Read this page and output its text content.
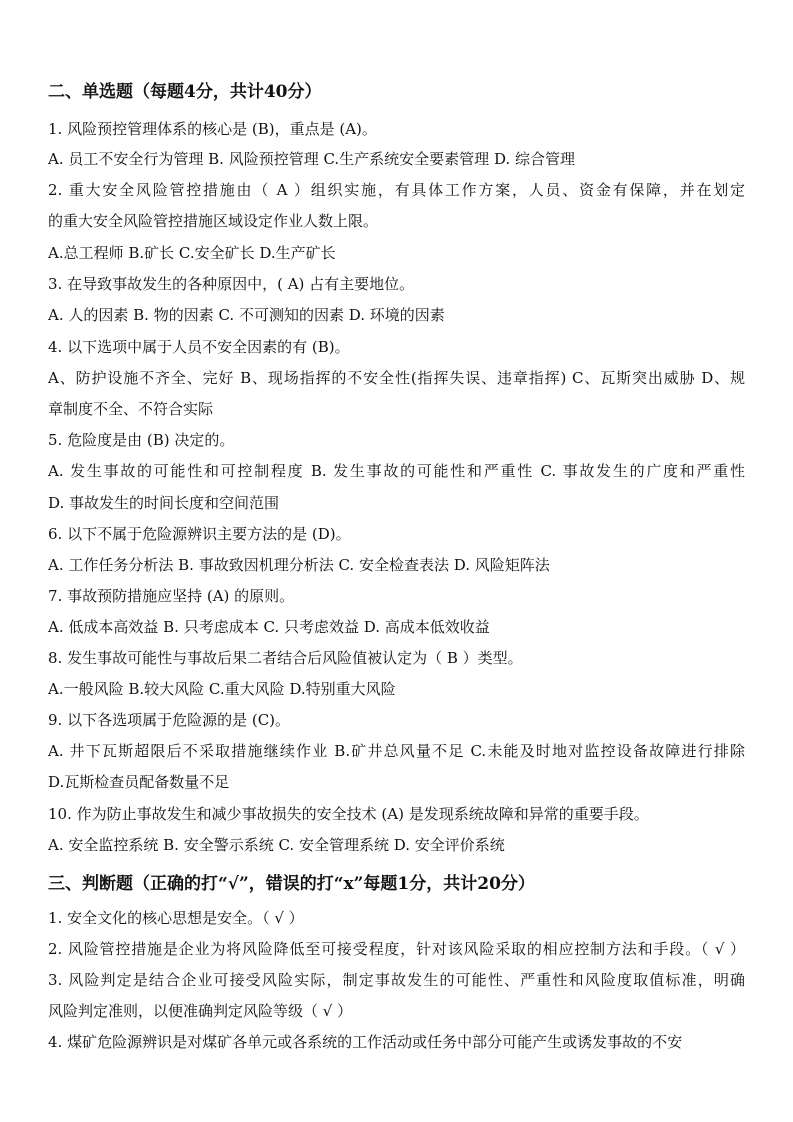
二、单选题（每题4分，共计40分）
1. 风险预控管理体系的核心是 (B)，重点是 (A)。
A. 员工不安全行为管理 B. 风险预控管理 C.生产系统安全要素管理 D. 综合管理
2. 重大安全风险管控措施由（ A ）组织实施，有具体工作方案，人员、资金有保障，并在划定
的重大安全风险管控措施区域设定作业人数上限。
A.总工程师 B.矿长 C.安全矿长 D.生产矿长
3. 在导致事故发生的各种原因中，( A) 占有主要地位。
A. 人的因素 B. 物的因素 C. 不可测知的因素 D. 环境的因素
4. 以下选项中属于人员不安全因素的有 (B)。
A、防护设施不齐全、完好 B、现场指挥的不安全性(指挥失误、违章指挥) C、瓦斯突出威胁 D、规
章制度不全、不符合实际
5. 危险度是由 (B) 决定的。
A. 发生事故的可能性和可控制程度 B. 发生事故的可能性和严重性 C. 事故发生的广度和严重性
D. 事故发生的时间长度和空间范围
6. 以下不属于危险源辨识主要方法的是 (D)。
A. 工作任务分析法 B. 事故致因机理分析法 C. 安全检查表法 D. 风险矩阵法
7. 事故预防措施应坚持 (A) 的原则。
A. 低成本高效益 B. 只考虑成本 C. 只考虑效益 D. 高成本低效收益
8. 发生事故可能性与事故后果二者结合后风险值被认定为（ B ）类型。
A.一般风险 B.较大风险 C.重大风险 D.特别重大风险
9. 以下各选项属于危险源的是 (C)。
A. 井下瓦斯超限后不采取措施继续作业 B.矿井总风量不足 C.未能及时地对监控设备故障进行排除
D.瓦斯检查员配备数量不足
10. 作为防止事故发生和减少事故损失的安全技术 (A) 是发现系统故障和异常的重要手段。
A. 安全监控系统 B. 安全警示系统 C. 安全管理系统 D. 安全评价系统
三、判断题（正确的打“√”，错误的打“x”每题1分，共计20分）
1. 安全文化的核心思想是安全。（ √ ）
2. 风险管控措施是企业为将风险降低至可接受程度，针对该风险采取的相应控制方法和手段。（ √ ）
3. 风险判定是结合企业可接受风险实际，制定事故发生的可能性、严重性和风险度取值标准，明确
风险判定准则，以便准确判定风险等级（ √ ）
4. 煤矿危险源辨识是对煤矿各单元或各系统的工作活动或任务中部分可能产生或诱发事故的不安
